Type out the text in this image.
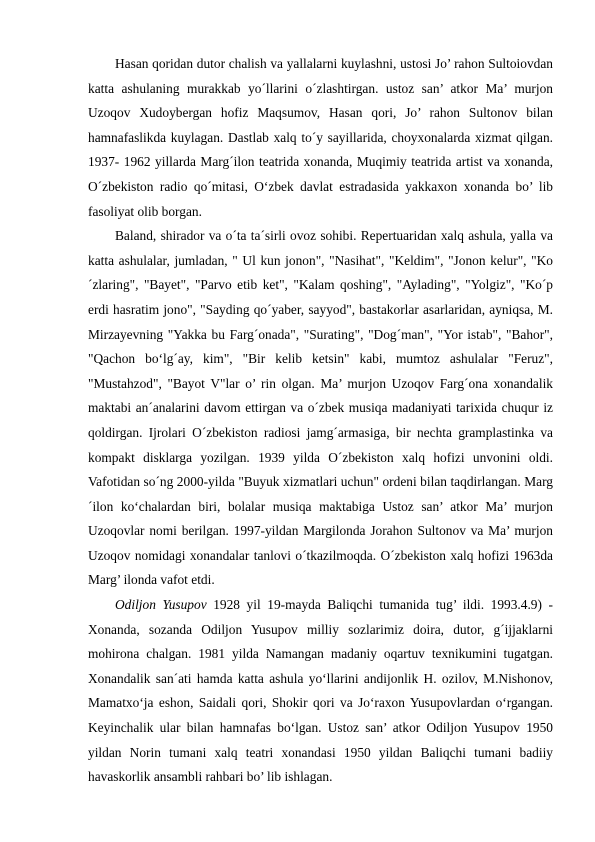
Hasan qoridan dutor chalish va yallalarni kuylashni, ustosi Jo’ rahon Sultoiovdan katta ashulaning murakkab yo´llarini o´zlashtirgan. ustoz san’ atkor Ma’ murjon Uzoqov Xudoybergan hofiz Maqsumov, Hasan qori, Jo’ rahon Sultonov bilan hamnafaslikda kuylagan. Dastlab xalq to´y sayillarida, choyxonalarda xizmat qilgan. 1937- 1962 yillarda Marg´ilon teatrida xonanda, Muqimiy teatrida artist va xonanda, O´zbekiston radio qo´mitasi, O‘zbek davlat estradasida yakkaxon xonanda bo’ lib fasoliyat olib borgan.

Baland, shirador va o´ta ta´sirli ovoz sohibi. Repertuaridan xalq ashula, yalla va katta ashulalar, jumladan, " Ul kun jonon", "Nasihat", "Keldim", "Jonon kelur", "Ko´zlaring", "Bayet", "Parvo etib ket", "Kalam qoshing", "Aylading", "Yolgiz", "Ko´p erdi hasratim jono", "Sayding qo´yaber, sayyod", bastakorlar asarlaridan, ayniqsa, M. Mirzayevning "Yakka bu Farg´onada", "Surating", "Dog´man", "Yor istab", "Bahor", "Qachon bo‘lg´ay, kim", "Bir kelib ketsin" kabi, mumtoz ashulalar "Feruz", "Mustahzod", "Bayot V"lar o’ rin olgan. Ma’ murjon Uzoqov Farg´ona xonandalik maktabi an´analarini davom ettirgan va o´zbek musiqa madaniyati tarixida chuqur iz qoldirgan. Ijrolari O´zbekiston radiosi jamg´armasiga, bir nechta gramplastinka va kompakt disklarga yozilgan. 1939 yilda O´zbekiston xalq hofizi unvonini oldi. Vafotidan so´ng 2000-yilda "Buyuk xizmatlari uchun" ordeni bilan taqdirlangan. Marg´ilon ko‘chalardan biri, bolalar musiqa maktabiga Ustoz san’ atkor Ma’ murjon Uzoqovlar nomi berilgan. 1997-yildan Margilonda Jorahon Sultonov va Ma’ murjon Uzoqov nomidagi xonandalar tanlovi o´tkazilmoqda. O´zbekiston xalq hofizi 1963da Marg’ ilonda vafot etdi.

Odiljon Yusupov 1928 yil 19-mayda Baliqchi tumanida tug’ ildi. 1993.4.9) - Xonanda, sozanda Odiljon Yusupov milliy sozlarimiz doira, dutor, g´ijjaklarni mohirona chalgan. 1981 yilda Namangan madaniy oqartuv texnikumini tugatgan. Xonandalik san´ati hamda katta ashula yo‘llarini andijonlik H. ozilov, M.Nishonov, Mamatxo‘ja eshon, Saidali qori, Shokir qori va Jo‘raxon Yusupovlardan o‘rgangan. Keyinchalik ular bilan hamnafas bo‘lgan. Ustoz san’ atkor Odiljon Yusupov 1950 yildan Norin tumani xalq teatri xonandasi 1950 yildan Baliqchi tumani badiiy havaskorlik ansambli rahbari bo’ lib ishlagan.
